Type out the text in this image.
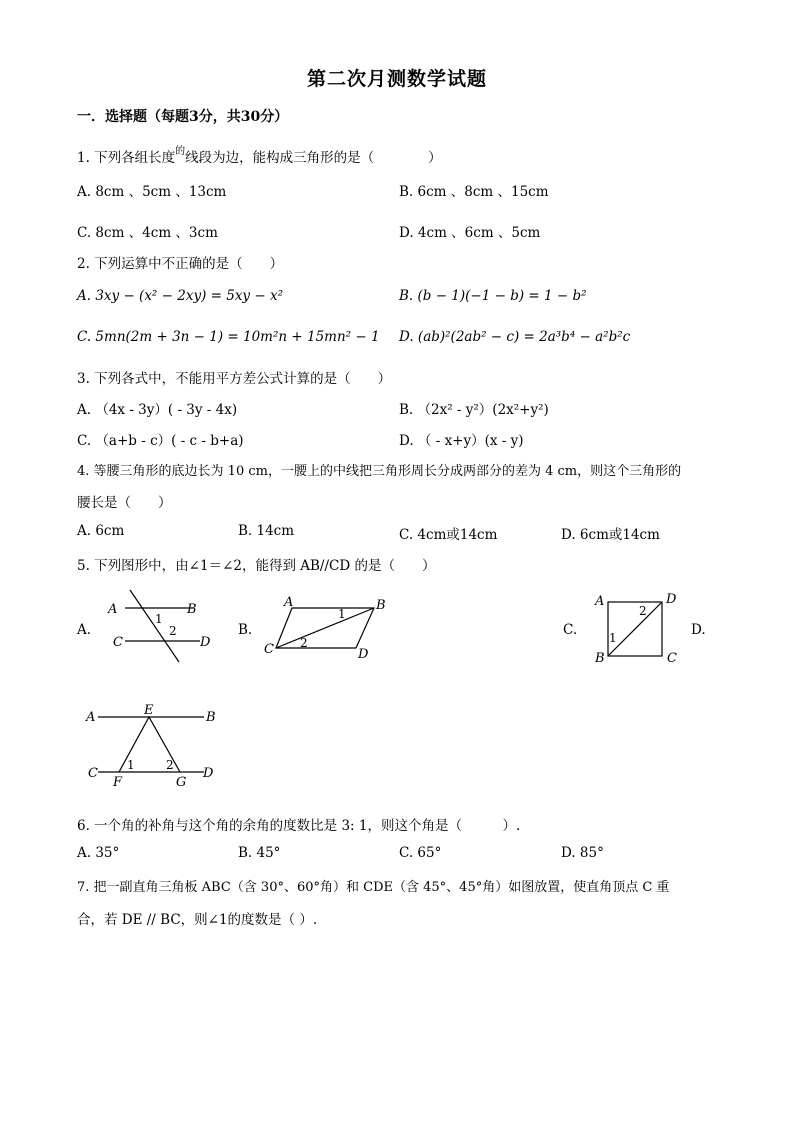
第二次月测数学试题
一．选择题（每题3分，共30分）
1. 下列各组长度$^的$线段为边，能构成三角形的是（　　　　）
A. 8cm 、5cm 、13cm	B. 6cm 、8cm 、15cm
C. 8cm 、4cm 、3cm	D. 4cm 、6cm 、5cm
2. 下列运算中不正确的是（　　）
A. 3xy − (x² − 2xy) = 5xy − x²	B. (b − 1)(−1 − b) = 1 − b²
C. 5mn(2m + 3n − 1) = 10m²n + 15mn² − 1 D. (ab)²(2ab² − c) = 2a³b⁴ − a²b²c
3. 下列各式中，不能用平方差公式计算的是（　　）
A. （4x - 3y）( - 3y - 4x)	B. （2x² - y²）(2x²+y²)
C. （a+b - c）( - c - b+a)	D. （ - x+y）(x - y)
4. 等腰三角形的底边长为 10 cm，一腰上的中线把三角形周长分成两部分的差为 4 cm，则这个三角形的
腰长是（　　）
A. 6cm	B. 14cm	C. 4cm或14cm	D. 6cm或14cm
5. 下列图形中，由∠1＝∠2，能得到 AB//CD 的是（　　）
A.	B.	C.	D.
A	B
C	D
1
2
A	B
C	D
1
2
A
B	C
D
1
2
A	B
C	D
E
F	G
1	2
6. 一个角的补角与这个角的余角的度数比是 3: 1，则这个角是（　　　）.
A. 35°	B. 45°	C. 65°	D. 85°
7. 把一副直角三角板 ABC（含 30°、60°角）和 CDE（含 45°、45°角）如图放置，使直角顶点 C 重
合，若 DE // BC，则∠1的度数是（ ）.
